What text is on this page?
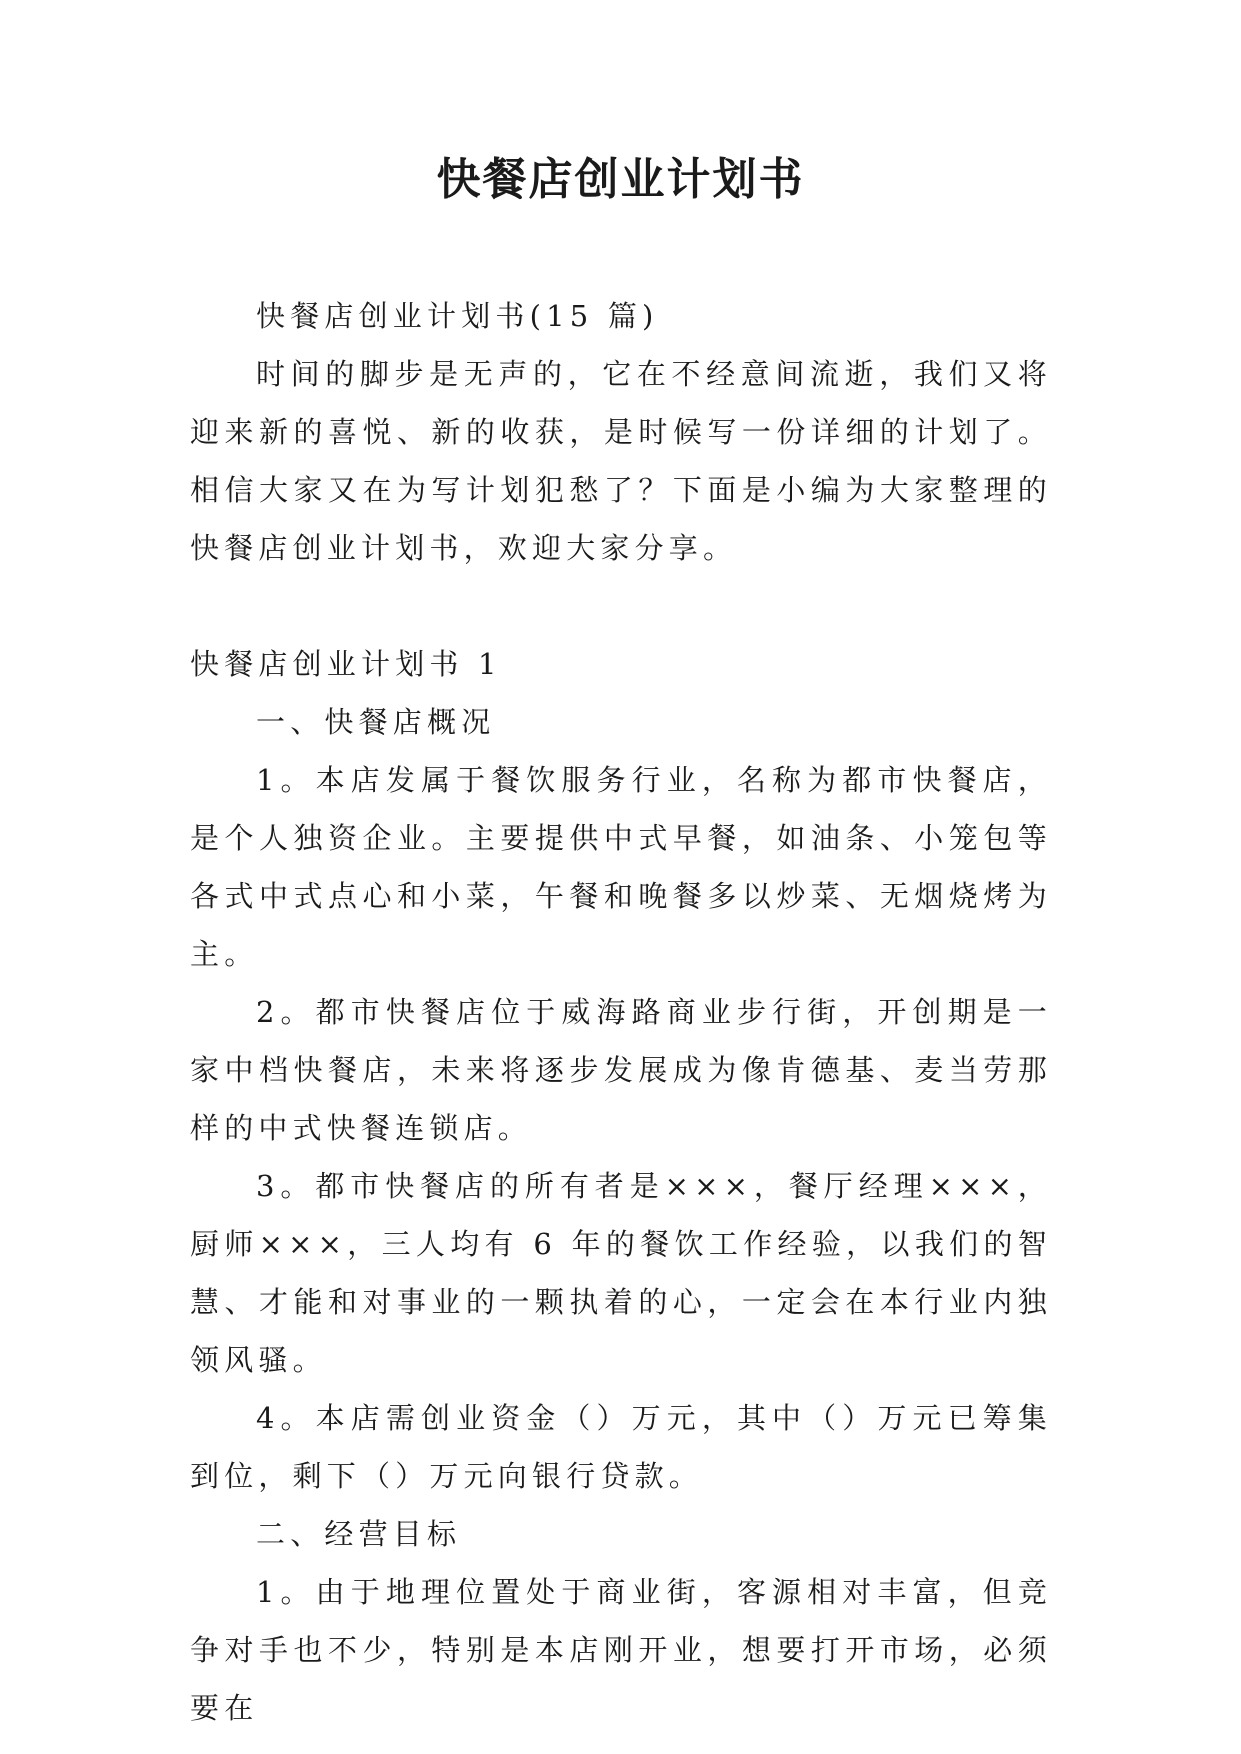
快餐店创业计划书

快餐店创业计划书(15 篇)

时间的脚步是无声的，它在不经意间流逝，我们又将迎来新的喜悦、新的收获，是时候写一份详细的计划了。相信大家又在为写计划犯愁了？下面是小编为大家整理的快餐店创业计划书，欢迎大家分享。

快餐店创业计划书 1

一、快餐店概况

1。本店发属于餐饮服务行业，名称为都市快餐店，是个人独资企业。主要提供中式早餐，如油条、小笼包等各式中式点心和小菜，午餐和晚餐多以炒菜、无烟烧烤为主。

2。都市快餐店位于威海路商业步行街，开创期是一家中档快餐店，未来将逐步发展成为像肯德基、麦当劳那样的中式快餐连锁店。

3。都市快餐店的所有者是×××，餐厅经理×××，厨师×××，三人均有 6 年的餐饮工作经验，以我们的智慧、才能和对事业的一颗执着的心，一定会在本行业内独领风骚。

4。本店需创业资金（）万元，其中（）万元已筹集到位，剩下（）万元向银行贷款。

二、经营目标

1。由于地理位置处于商业街，客源相对丰富，但竞争对手也不少，特别是本店刚开业，想要打开市场，必须要在
